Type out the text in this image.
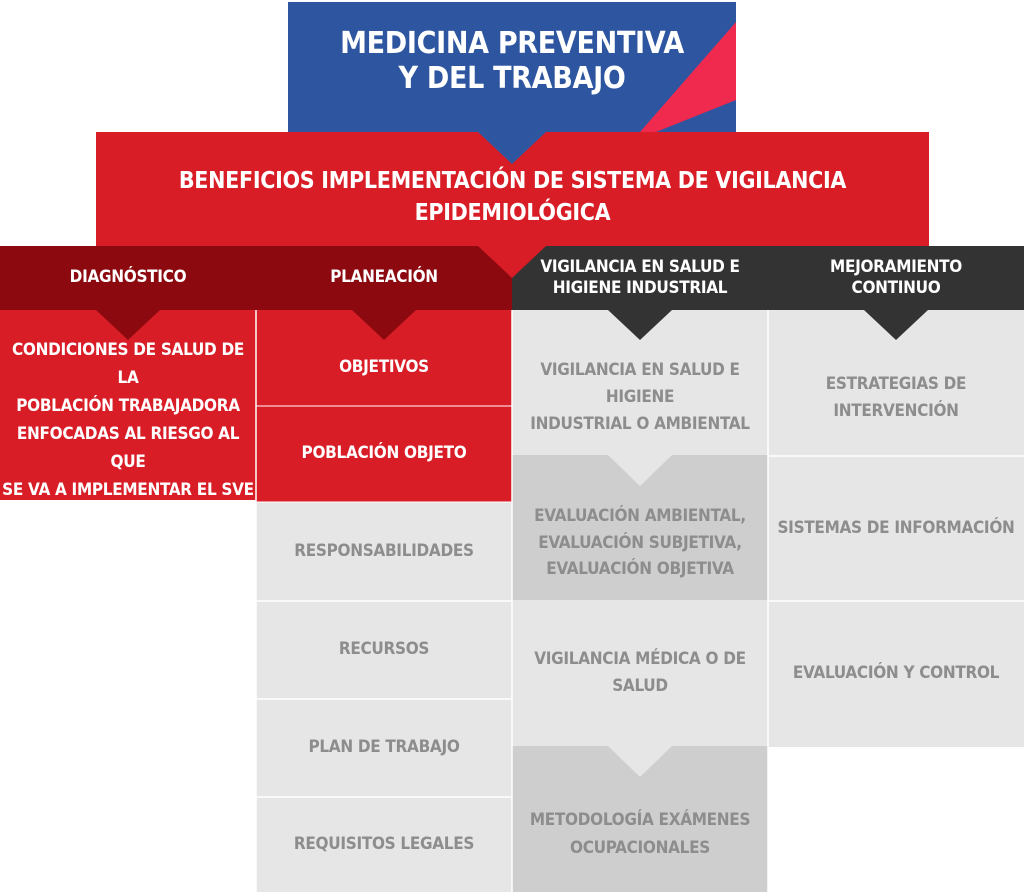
MEDICINA PREVENTIVA
Y DEL TRABAJO
BENEFICIOS IMPLEMENTACIÓN DE SISTEMA DE VIGILANCIA EPIDEMIOLÓGICA
DIAGNÓSTICO	PLANEACIÓN
VIGILANCIA EN SALUD E
HIGIENE INDUSTRIAL
MEJORAMIENTO
CONTINUO
CONDICIONES DE SALUD DE LA
POBLACIÓN TRABAJADORA
ENFOCADAS AL RIESGO AL QUE
SE VA A IMPLEMENTAR EL SVE
OBJETIVOS
POBLACIÓN OBJETO
RESPONSABILIDADES
RECURSOS
PLAN DE TRABAJO
REQUISITOS LEGALES
VIGILANCIA EN SALUD E HIGIENE
INDUSTRIAL O AMBIENTAL
EVALUACIÓN AMBIENTAL,
EVALUACIÓN SUBJETIVA,
EVALUACIÓN OBJETIVA
VIGILANCIA MÉDICA O DE SALUD
METODOLOGÍA EXÁMENES
OCUPACIONALES
ESTRATEGIAS DE
INTERVENCIÓN
SISTEMAS DE INFORMACIÓN
EVALUACIÓN Y CONTROL
